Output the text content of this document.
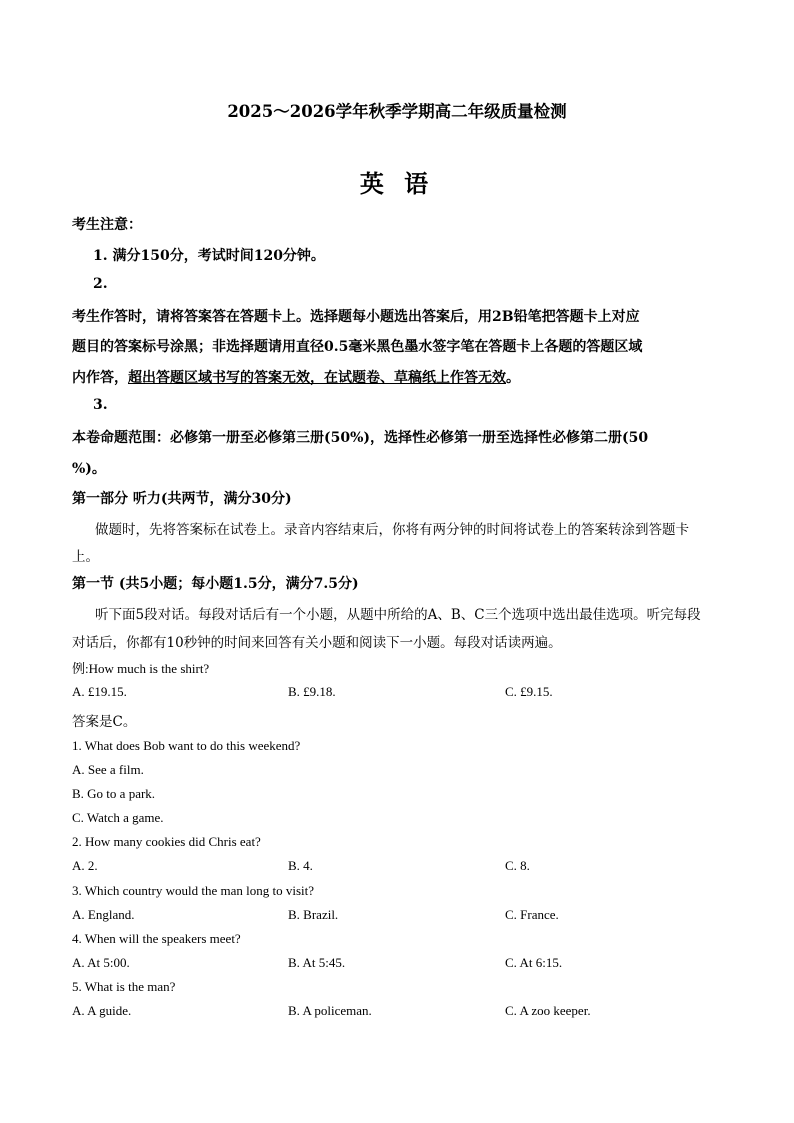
2025～2026学年秋季学期高二年级质量检测
英 语
考生注意：
1. 满分150分，考试时间120分钟。
2.
考生作答时，请将答案答在答题卡上。选择题每小题选出答案后，用2B铅笔把答题卡上对应
题目的答案标号涂黑；非选择题请用直径0.5毫米黑色墨水签字笔在答题卡上各题的答题区域
内作答，超出答题区域书写的答案无效，在试题卷、草稿纸上作答无效。
3.
本卷命题范围：必修第一册至必修第三册(50%)，选择性必修第一册至选择性必修第二册(50
%)。
第一部分 听力(共两节，满分30分)
做题时，先将答案标在试卷上。录音内容结束后，你将有两分钟的时间将试卷上的答案转涂到答题卡
上。
第一节 (共5小题；每小题1.5分，满分7.5分)
听下面5段对话。每段对话后有一个小题，从题中所给的A、B、C三个选项中选出最佳选项。听完每段
对话后，你都有10秒钟的时间来回答有关小题和阅读下一小题。每段对话读两遍。
例:How much is the shirt?
A. £19.15.	B. £9.18.	C. £9.15.
答案是C。
1. What does Bob want to do this weekend?
A. See a film.
B. Go to a park.
C. Watch a game.
2. How many cookies did Chris eat?
A. 2.	B. 4.	C. 8.
3. Which country would the man long to visit?
A. England.	B. Brazil.	C. France.
4. When will the speakers meet?
A. At 5:00.	B. At 5:45.	C. At 6:15.
5. What is the man?
A. A guide.	B. A policeman.	C. A zoo keeper.
